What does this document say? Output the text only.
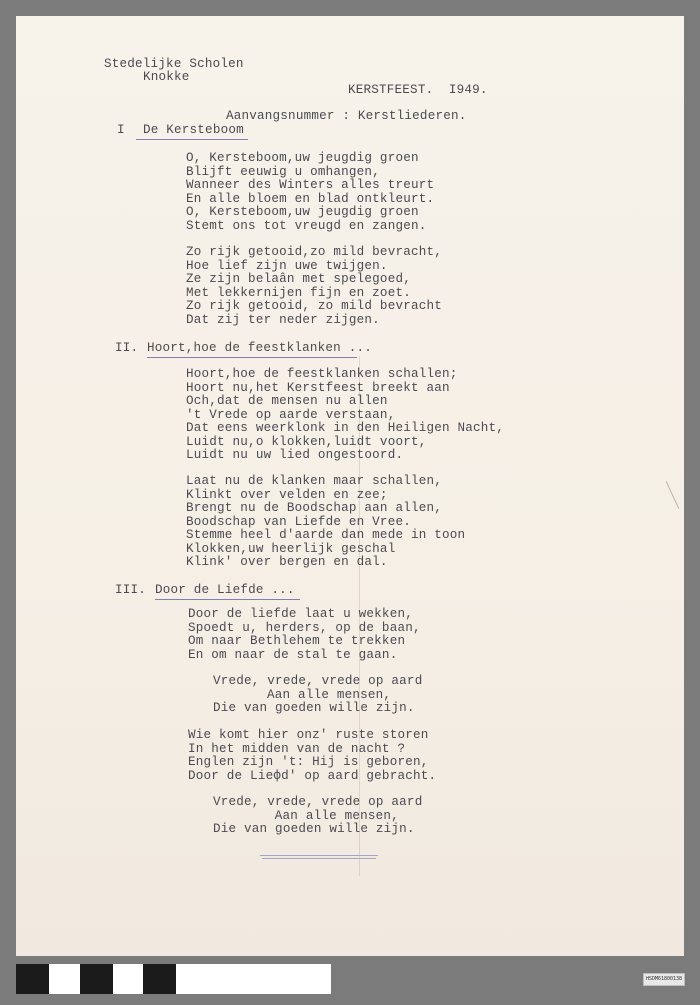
Stedelijke Scholen
Knokke
KERSTFEEST.  I949.
Aanvangsnummer : Kerstliederen.
I De Kersteboom
O, Kersteboom,uw jeugdig groen
Blijft eeuwig u omhangen,
Wanneer des Winters alles treurt
En alle bloem en blad ontkleurt.
O, Kersteboom,uw jeugdig groen
Stemt ons tot vreugd en zangen.
Zo rijk getooid,zo mild bevracht,
Hoe lief zijn uwe twijgen.
Ze zijn belaân met spelegoed,
Met lekkernijen fijn en zoet.
Zo rijk getooid, zo mild bevracht
Dat zij ter neder zijgen.
II. Hoort,hoe de feestklanken ...
Hoort,hoe de feestklanken schallen;
Hoort nu,het Kerstfeest breekt aan
Och,dat de mensen nu allen
't Vrede op aarde verstaan,
Dat eens weerklonk in den Heiligen Nacht,
Luidt nu,o klokken,luidt voort,
Luidt nu uw lied ongestoord.
Laat nu de klanken maar schallen,
Klinkt over velden en zee;
Brengt nu de Boodschap aan allen,
Boodschap van Liefde en Vree.
Stemme heel d'aarde dan mede in toon
Klokken,uw heerlijk geschal
Klink' over bergen en dal.
III. Door de Liefde ...
Door de liefde laat u wekken,
Spoedt u, herders, op de baan,
Om naar Bethlehem te trekken
En om naar de stal te gaan.
Vrede, vrede, vrede op aard
Aan alle mensen,
Die van goeden wille zijn.
Wie komt hier onz' ruste storen
In het midden van de nacht ?
Englen zijn 't: Hij is geboren,
Door de Lieфd' op aard gebracht.
Vrede, vrede, vrede op aard
Aan alle mensen,
Die van goeden wille zijn.
HSDM61800138
